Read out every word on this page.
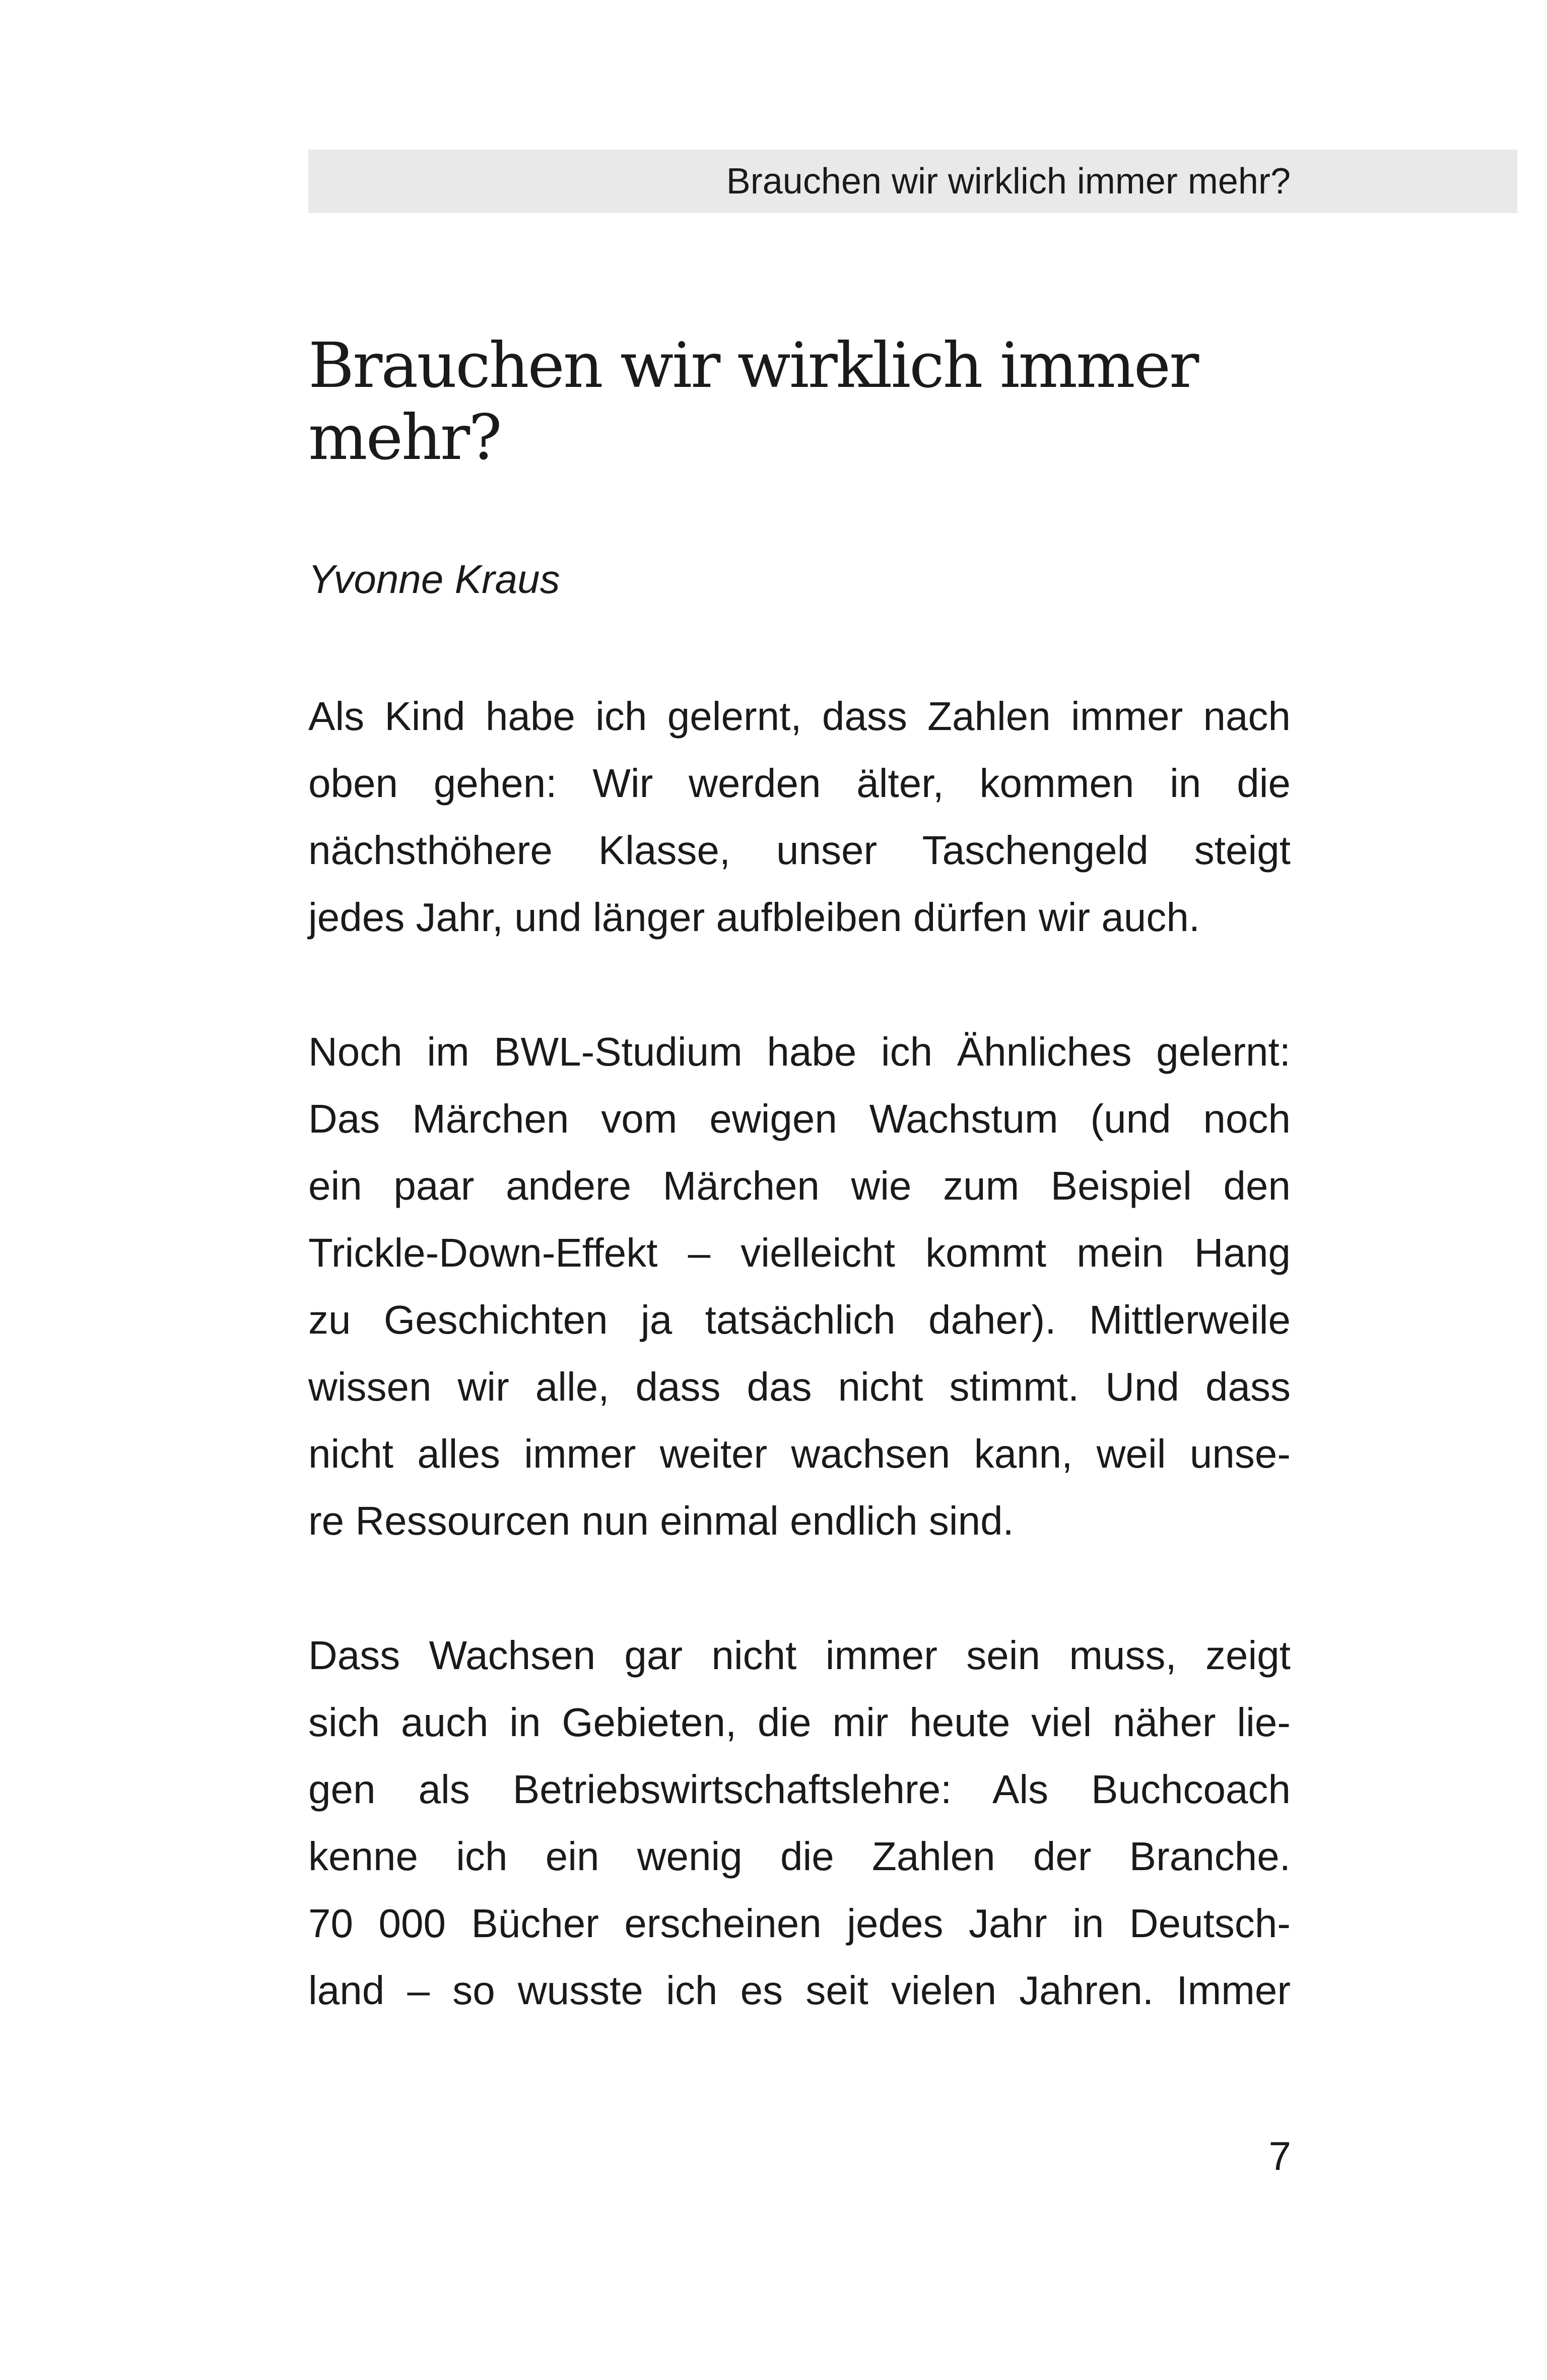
Brauchen wir wirklich immer mehr?
Brauchen wir wirklich immer
mehr?

Yvonne Kraus

Als Kind habe ich gelernt, dass Zahlen immer nach
oben gehen: Wir werden älter, kommen in die
nächsthöhere Klasse, unser Taschengeld steigt
jedes Jahr, und länger aufbleiben dürfen wir auch.
Noch im BWL-Studium habe ich Ähnliches gelernt:
Das Märchen vom ewigen Wachstum (und noch
ein paar andere Märchen wie zum Beispiel den
Trickle-Down-Effekt – vielleicht kommt mein Hang
zu Geschichten ja tatsächlich daher). Mittlerweile
wissen wir alle, dass das nicht stimmt. Und dass
nicht alles immer weiter wachsen kann, weil unse-
re Ressourcen nun einmal endlich sind.
Dass Wachsen gar nicht immer sein muss, zeigt
sich auch in Gebieten, die mir heute viel näher lie-
gen als Betriebswirtschaftslehre: Als Buchcoach
kenne ich ein wenig die Zahlen der Branche.
70 000 Bücher erscheinen jedes Jahr in Deutsch-
land – so wusste ich es seit vielen Jahren. Immer
7
